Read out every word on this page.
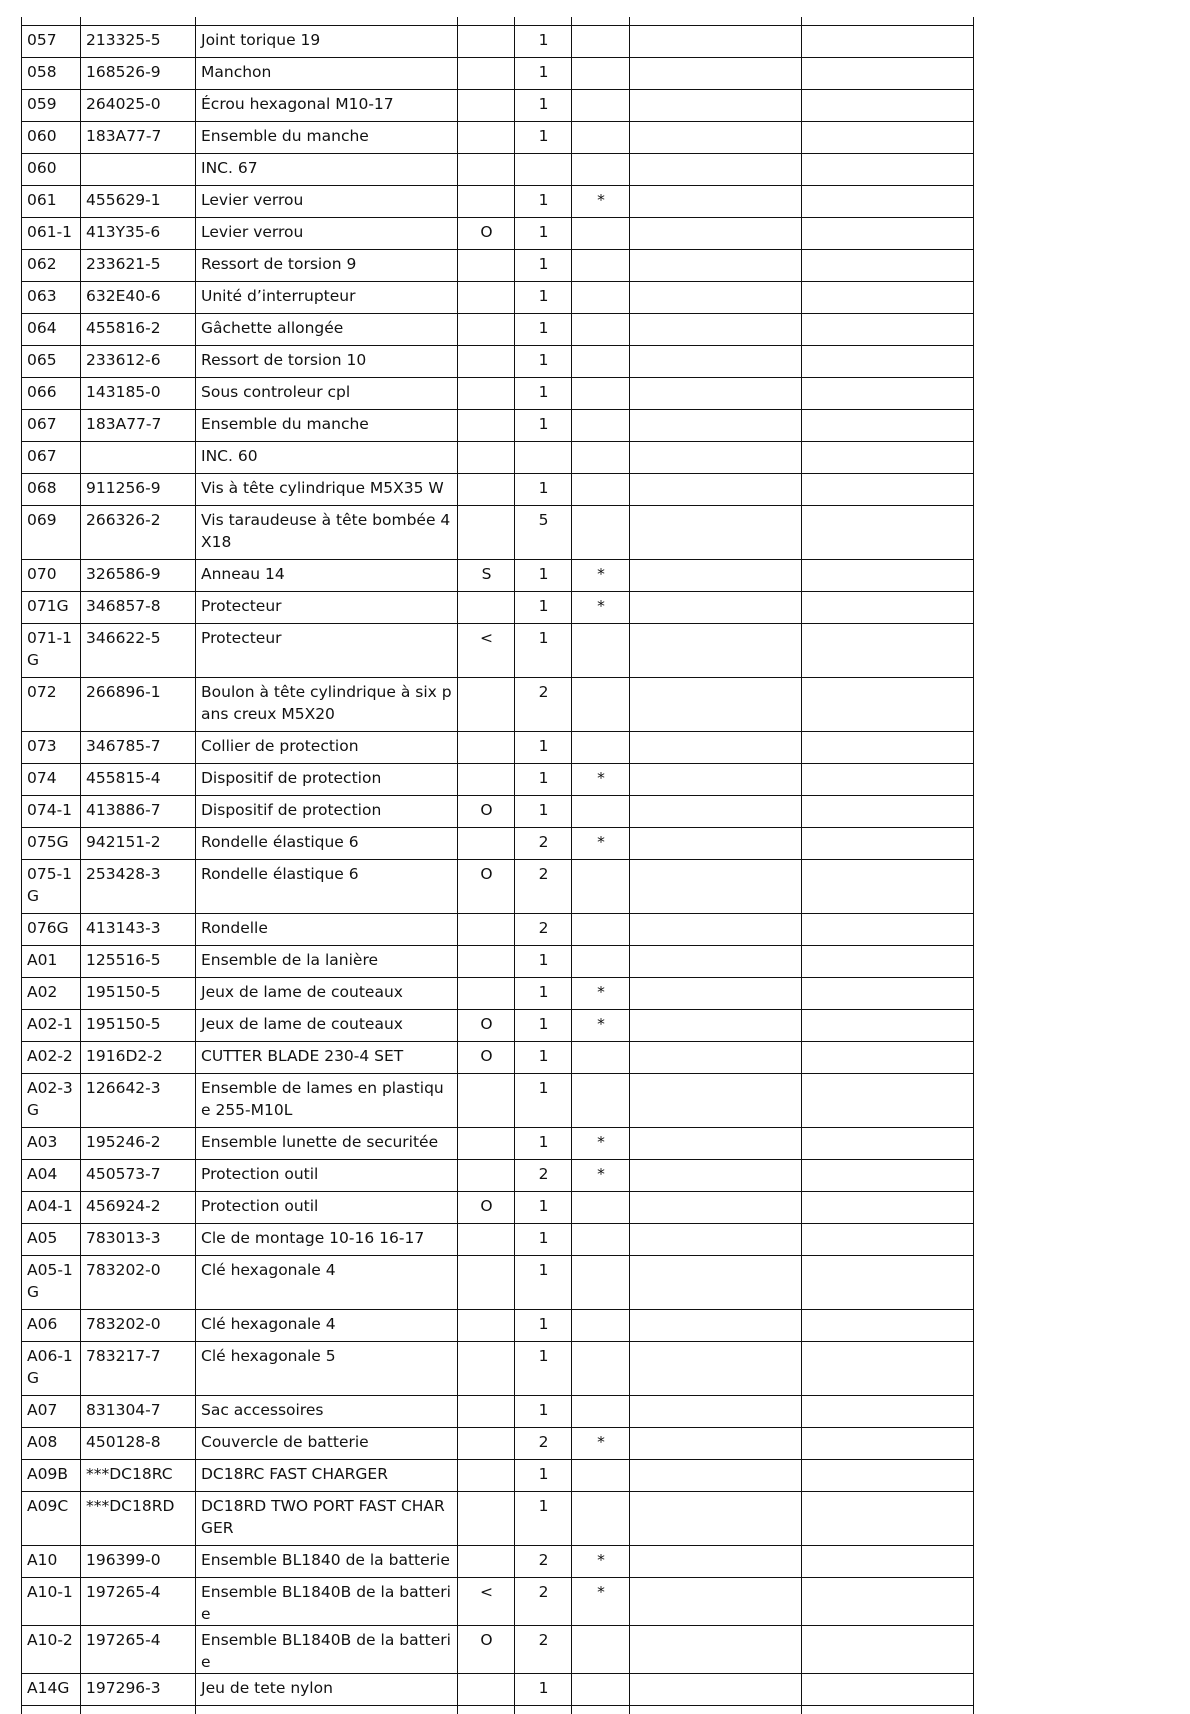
057	213325-5	Joint torique 19		1			
058	168526-9	Manchon		1			
059	264025-0	Écrou hexagonal M10-17		1			
060	183A77-7	Ensemble du manche		1			
060		INC. 67					
061	455629-1	Levier verrou		1	*		
061-1	413Y35-6	Levier verrou	O	1			
062	233621-5	Ressort de torsion 9		1			
063	632E40-6	Unité d’interrupteur		1			
064	455816-2	Gâchette allongée		1			
065	233612-6	Ressort de torsion 10		1			
066	143185-0	Sous controleur cpl		1			
067	183A77-7	Ensemble du manche		1			
067		INC. 60					
068	911256-9	Vis à tête cylindrique M5X35 W		1			
069	266326-2	Vis taraudeuse à tête bombée 4X18		5			
070	326586-9	Anneau 14	S	1	*		
071G	346857-8	Protecteur		1	*		
071-1G	346622-5	Protecteur	<	1			
072	266896-1	Boulon à tête cylindrique à six pans creux M5X20		2			
073	346785-7	Collier de protection		1			
074	455815-4	Dispositif de protection		1	*		
074-1	413886-7	Dispositif de protection	O	1			
075G	942151-2	Rondelle élastique 6		2	*		
075-1G	253428-3	Rondelle élastique 6	O	2			
076G	413143-3	Rondelle		2			
A01	125516-5	Ensemble de la lanière		1			
A02	195150-5	Jeux de lame de couteaux		1	*		
A02-1	195150-5	Jeux de lame de couteaux	O	1	*		
A02-2	1916D2-2	CUTTER BLADE 230-4 SET	O	1			
A02-3G	126642-3	Ensemble de lames en plastique 255-M10L		1			
A03	195246-2	Ensemble lunette de securitée		1	*		
A04	450573-7	Protection outil		2	*		
A04-1	456924-2	Protection outil	O	1			
A05	783013-3	Cle de montage 10-16 16-17		1			
A05-1G	783202-0	Clé hexagonale 4		1			
A06	783202-0	Clé hexagonale 4		1			
A06-1G	783217-7	Clé hexagonale 5		1			
A07	831304-7	Sac accessoires		1			
A08	450128-8	Couvercle de batterie		2	*		
A09B	***DC18RC	DC18RC FAST CHARGER		1			
A09C	***DC18RD	DC18RD TWO PORT FAST CHARGER		1			
A10	196399-0	Ensemble BL1840 de la batterie		2	*		
A10-1	197265-4	Ensemble BL1840B de la batterie	<	2	*		
A10-2	197265-4	Ensemble BL1840B de la batterie	O	2			
A14G	197296-3	Jeu de tete nylon		1			
